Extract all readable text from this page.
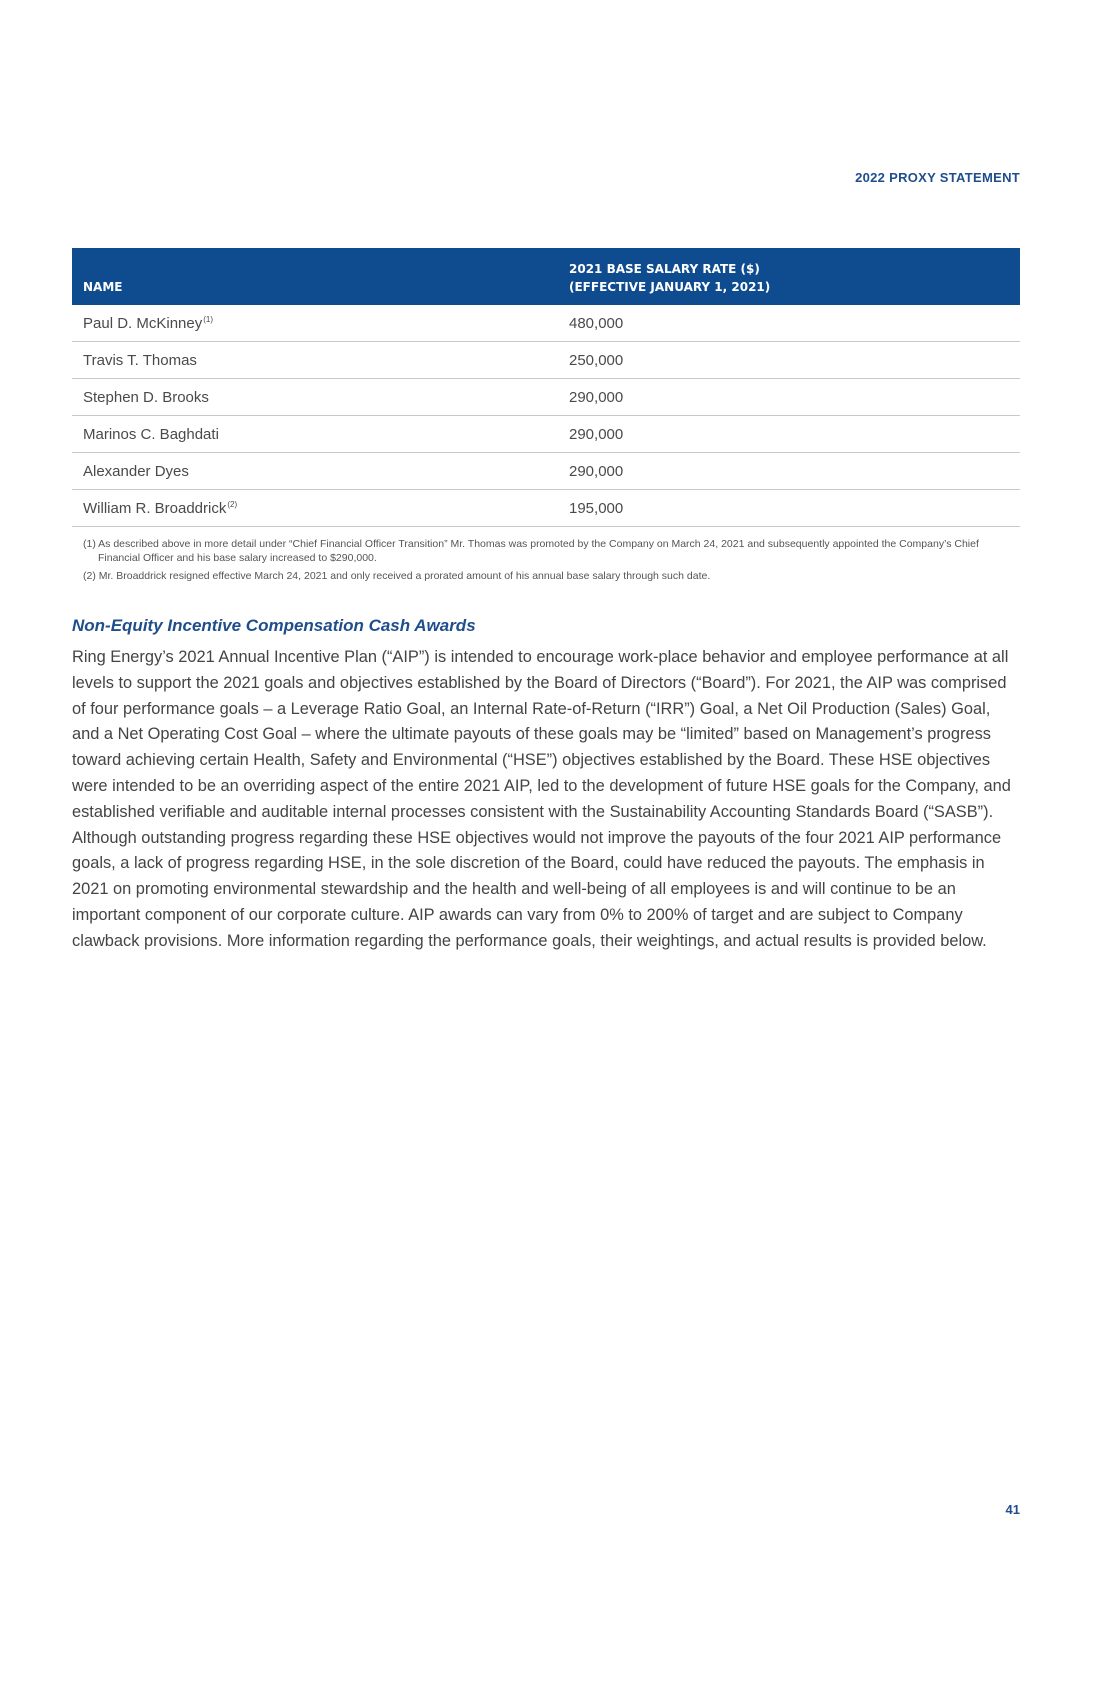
2022 PROXY STATEMENT
NAME	2021 BASE SALARY RATE ($)
(EFFECTIVE JANUARY 1, 2021)

Paul D. McKinney$^{(1)}$	480,000
Travis T. Thomas	250,000
Stephen D. Brooks	290,000
Marinos C. Baghdati	290,000
Alexander Dyes	290,000
William R. Broaddrick$^{(2)}$	195,000

(1) As described above in more detail under “Chief Financial Officer Transition” Mr. Thomas was promoted by the Company on March 24, 2021 and subsequently appointed the Company’s Chief Financial Officer and his base salary increased to $290,000.

(2) Mr. Broaddrick resigned effective March 24, 2021 and only received a prorated amount of his annual base salary through such date.

Non-Equity Incentive Compensation Cash Awards

Ring Energy’s 2021 Annual Incentive Plan (“AIP”) is intended to encourage work-place behavior and employee performance at all levels to support the 2021 goals and objectives established by the Board of Directors (“Board”). For 2021, the AIP was comprised of four performance goals – a Leverage Ratio Goal, an Internal Rate-of-Return (“IRR”) Goal, a Net Oil Production (Sales) Goal, and a Net Operating Cost Goal – where the ultimate payouts of these goals may be “limited” based on Management’s progress toward achieving certain Health, Safety and Environmental (“HSE”) objectives established by the Board. These HSE objectives were intended to be an overriding aspect of the entire 2021 AIP, led to the development of future HSE goals for the Company, and established verifiable and auditable internal processes consistent with the Sustainability Accounting Standards Board (“SASB”). Although outstanding progress regarding these HSE objectives would not improve the payouts of the four 2021 AIP performance goals, a lack of progress regarding HSE, in the sole discretion of the Board, could have reduced the payouts. The emphasis in 2021 on promoting environmental stewardship and the health and well-being of all employees is and will continue to be an important component of our corporate culture. AIP awards can vary from 0% to 200% of target and are subject to Company clawback provisions. More information regarding the performance goals, their weightings, and actual results is provided below.

41
